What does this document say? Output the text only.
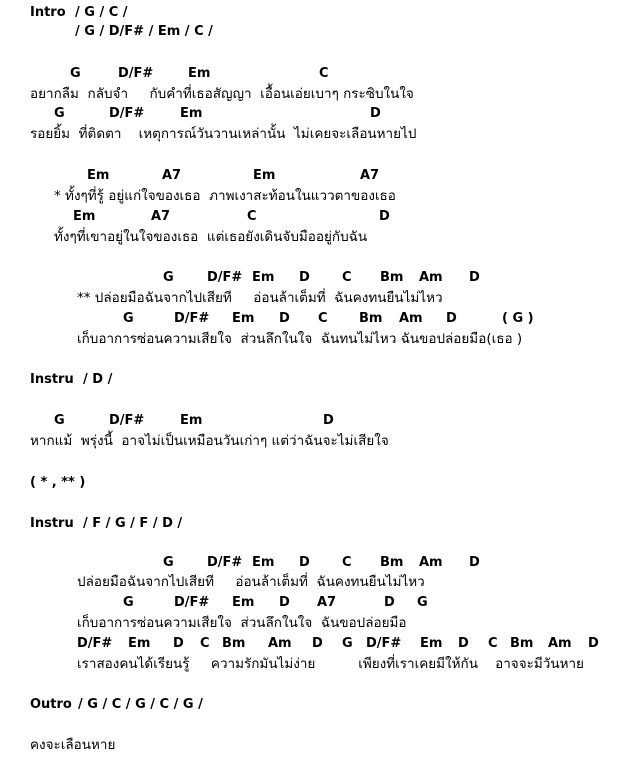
Intro / G / C /
/ G / D/F# / Em / C /
อยากลืม  กลับจำ     กับคำที่เธอสัญญา  เอื้อนเอ่ยเบาๆ กระซิบในใจ
รอยยิ้ม  ที่ติดตา    เหตุการณ์วันวานเหล่านั้น  ไม่เคยจะเลือนหายไป
* ทั้งๆที่รู้ อยู่แก่ใจของเธอ  ภาพเงาสะท้อนในแววตาของเธอ
ทั้งๆที่เขาอยู่ในใจของเธอ  แต่เธอยังเดินจับมืออยู่กับฉัน
** ปล่อยมือฉันจากไปเสียที     อ่อนล้าเต็มที่  ฉันคงทนยืนไม่ไหว
เก็บอาการซ่อนความเสียใจ  ส่วนลึกในใจ  ฉันทนไม่ไหว ฉันขอปล่อยมือ(เธอ )
Instru / D /
หากแม้  พรุ่งนี้  อาจไม่เป็นเหมือนวันเก่าๆ แต่ว่าฉันจะไม่เสียใจ
( * , ** )
Instru / F / G / F / D /
ปล่อยมือฉันจากไปเสียที     อ่อนล้าเต็มที่  ฉันคงทนยืนไม่ไหว
เก็บอาการซ่อนความเสียใจ  ส่วนลึกในใจ  ฉันขอปล่อยมือ
เราสองคนได้เรียนรู้     ความรักมันไม่ง่าย          เพียงที่เราเคยมีให้กัน    อาจจะมีวันหาย
Outro / G / C / G / C / G /
คงจะเลือนหาย
G	D/F#	Em	C
G	D/F#	Em	D
Em	A7	Em	A7
Em	A7	C	D
G	D/F# Em D C Bm Am D
G	D/F# Em D C Bm Am D	( G )
G	D/F#	Em	D
G	D/F# Em D C Bm Am D
G	D/F# Em D A7	D G
D/F# Em D C Bm Am D G D/F# Em D C Bm Am D
